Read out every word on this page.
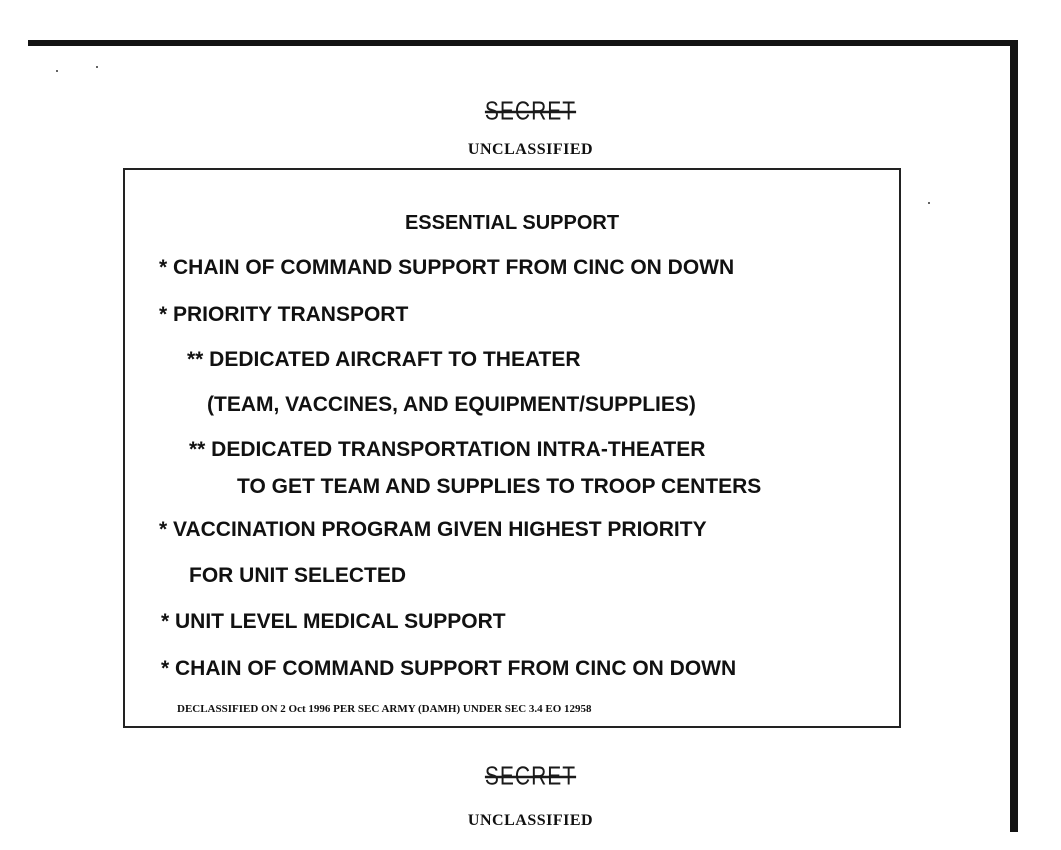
SECRET
UNCLASSIFIED
ESSENTIAL SUPPORT
* CHAIN OF COMMAND SUPPORT FROM CINC ON DOWN
* PRIORITY TRANSPORT
** DEDICATED AIRCRAFT TO THEATER
(TEAM, VACCINES, AND EQUIPMENT/SUPPLIES)
** DEDICATED TRANSPORTATION INTRA-THEATER
TO GET TEAM AND SUPPLIES TO TROOP CENTERS
* VACCINATION PROGRAM GIVEN HIGHEST PRIORITY
FOR UNIT SELECTED
* UNIT LEVEL MEDICAL SUPPORT
* CHAIN OF COMMAND SUPPORT FROM CINC ON DOWN
DECLASSIFIED ON 2 Oct 1996 PER SEC ARMY (DAMH) UNDER SEC 3.4 EO 12958
SECRET
UNCLASSIFIED
